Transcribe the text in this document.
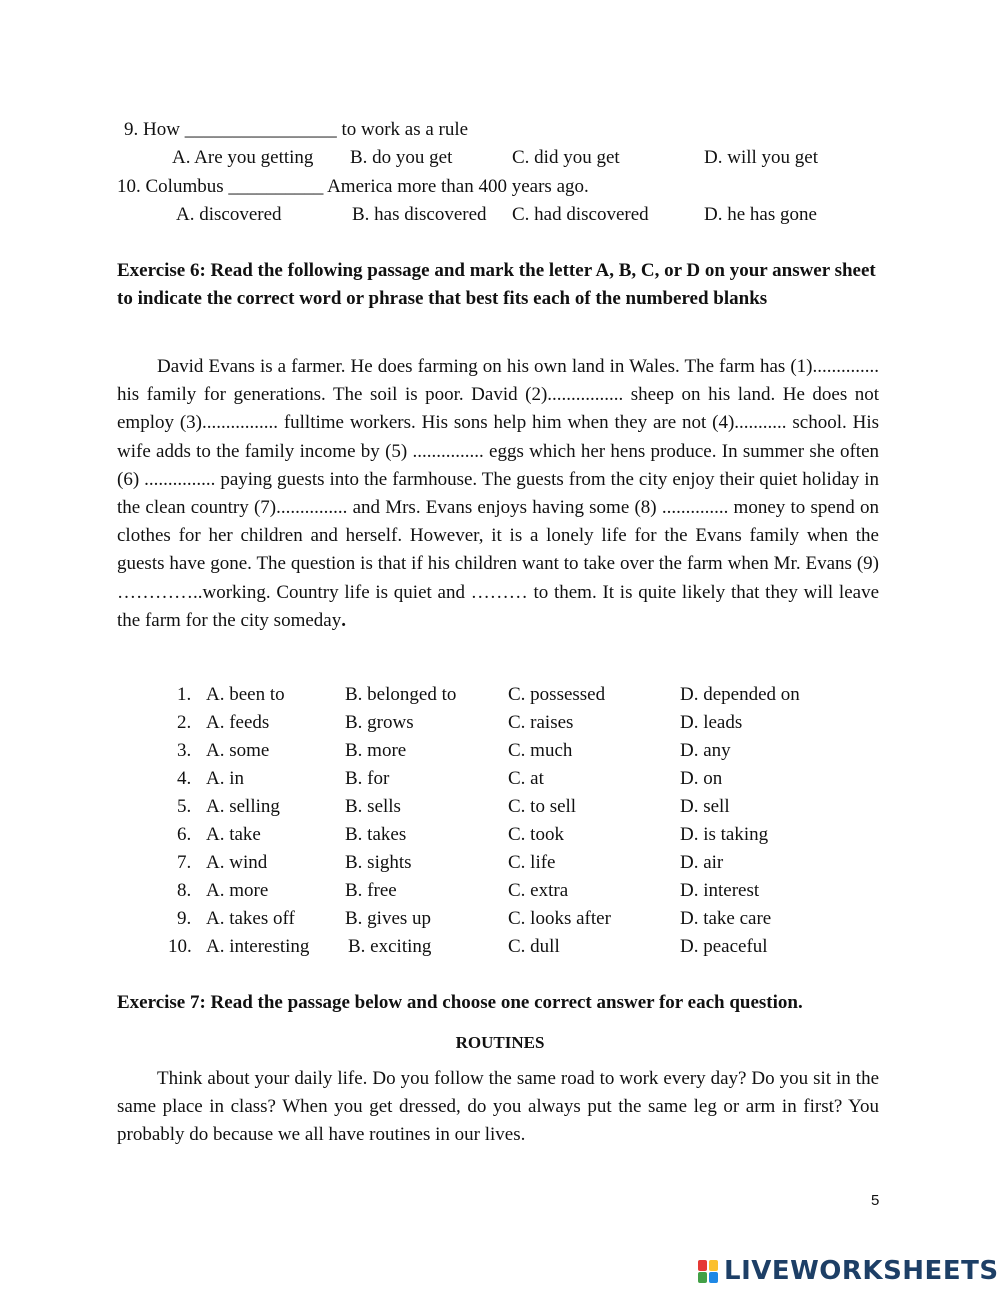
9. How ________________ to work as a rule
A. Are you getting B. do you get	C. did you get	D. will you get
10. Columbus __________ America more than 400 years ago.
A. discovered	B. has discovered C. had discovered	D. he has gone
Exercise 6: Read the following passage and mark the letter A, B, C, or D on your answer sheet to indicate the correct word or phrase that best fits each of the numbered blanks
David Evans is a farmer. He does farming on his own land in Wales. The farm has (1).............. his family for generations. The soil is poor. David (2)................ sheep on his land. He does not employ (3)................ fulltime workers. His sons help him when they are not (4)........... school. His wife adds to the family income by (5) ............... eggs which her hens produce. In summer she often (6) ............... paying guests into the farmhouse. The guests from the city enjoy their quiet holiday in the clean country (7)............... and Mrs. Evans enjoys having some (8) .............. money to spend on clothes for her children and herself. However, it is a lonely life for the Evans family when the guests have gone. The question is that if his children want to take over the farm when Mr. Evans (9) …………..working. Country life is quiet and ……… to them. It is quite likely that they will leave the farm for the city someday.
1. A. been to	B. belonged to	C. possessed	D. depended on
2. A. feeds	B. grows	C. raises	D. leads
3. A. some	B. more	C. much	D. any
4. A. in	B. for	C. at	D. on
5. A. selling	B. sells	C. to sell	D. sell
6. A. take	B. takes	C. took	D. is taking
7. A. wind	B. sights	C. life	D. air
8. A. more	B. free	C. extra	D. interest
9. A. takes off	B. gives up	C. looks after	D. take care
10. A. interesting B. exciting	C. dull	D. peaceful
Exercise 7: Read the passage below and choose one correct answer for each question.
ROUTINES
Think about your daily life. Do you follow the same road to work every day? Do you sit in the same place in class? When you get dressed, do you always put the same leg or arm in first? You probably do because we all have routines in our lives.
5
LIVEWORKSHEETS
